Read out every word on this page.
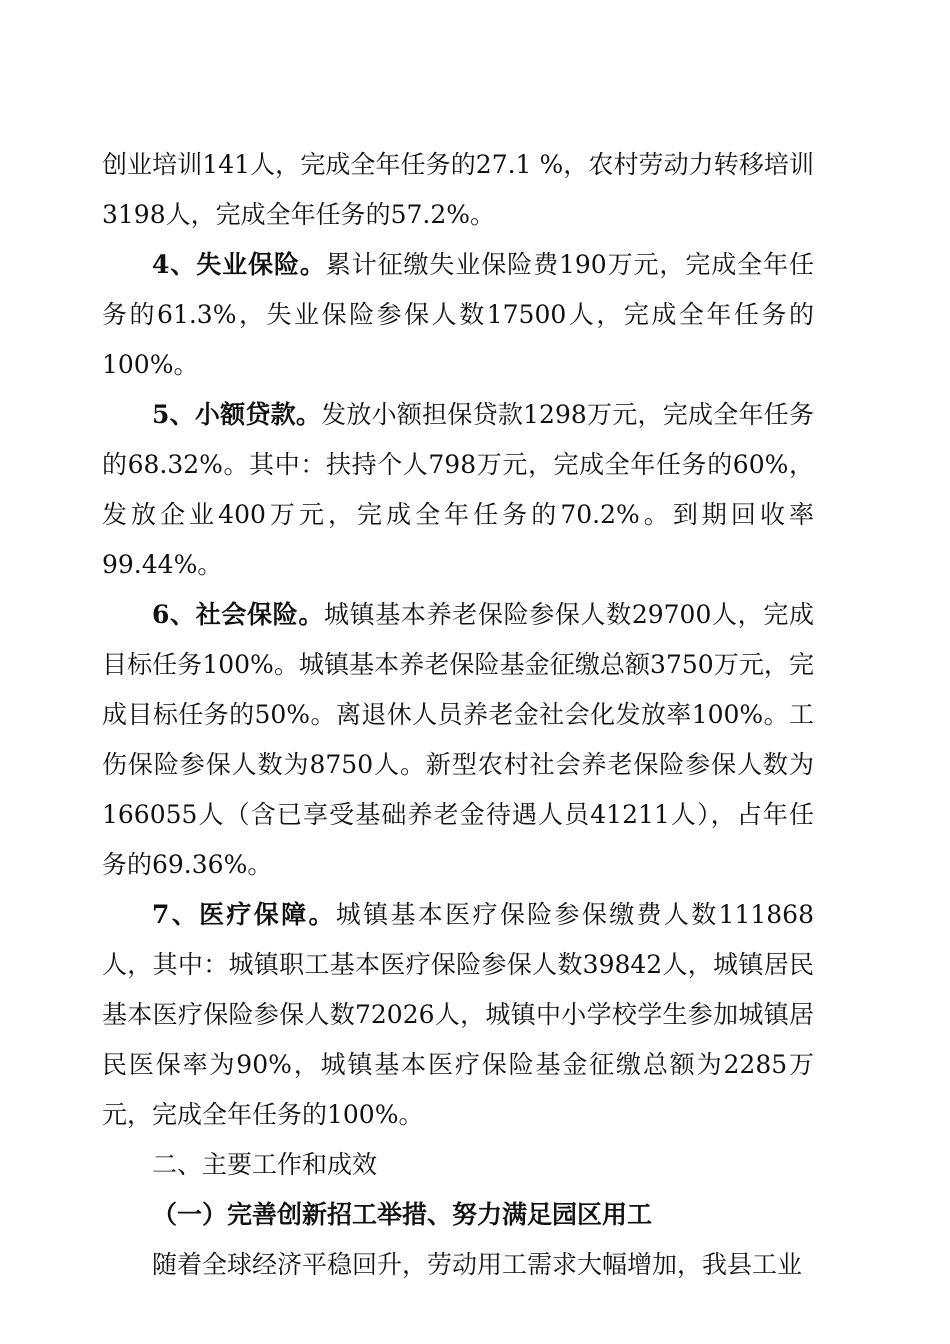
创业培训141人，完成全年任务的27.1 %，农村劳动力转移培训3198人，完成全年任务的57.2%。

4、失业保险。累计征缴失业保险费190万元，完成全年任务的61.3%，失业保险参保人数17500人，完成全年任务的100%。

5、小额贷款。发放小额担保贷款1298万元，完成全年任务的68.32%。其中：扶持个人798万元，完成全年任务的60%，发放企业400万元，完成全年任务的70.2%。到期回收率99.44%。

6、社会保险。城镇基本养老保险参保人数29700人，完成目标任务100%。城镇基本养老保险基金征缴总额3750万元，完成目标任务的50%。离退休人员养老金社会化发放率100%。工伤保险参保人数为8750人。新型农村社会养老保险参保人数为166055人（含已享受基础养老金待遇人员41211人），占年任务的69.36%。

7、医疗保障。城镇基本医疗保险参保缴费人数111868人，其中：城镇职工基本医疗保险参保人数39842人，城镇居民基本医疗保险参保人数72026人，城镇中小学校学生参加城镇居民医保率为90%，城镇基本医疗保险基金征缴总额为2285万元，完成全年任务的100%。

二、主要工作和成效

（一）完善创新招工举措、努力满足园区用工

随着全球经济平稳回升，劳动用工需求大幅增加，我县工业
